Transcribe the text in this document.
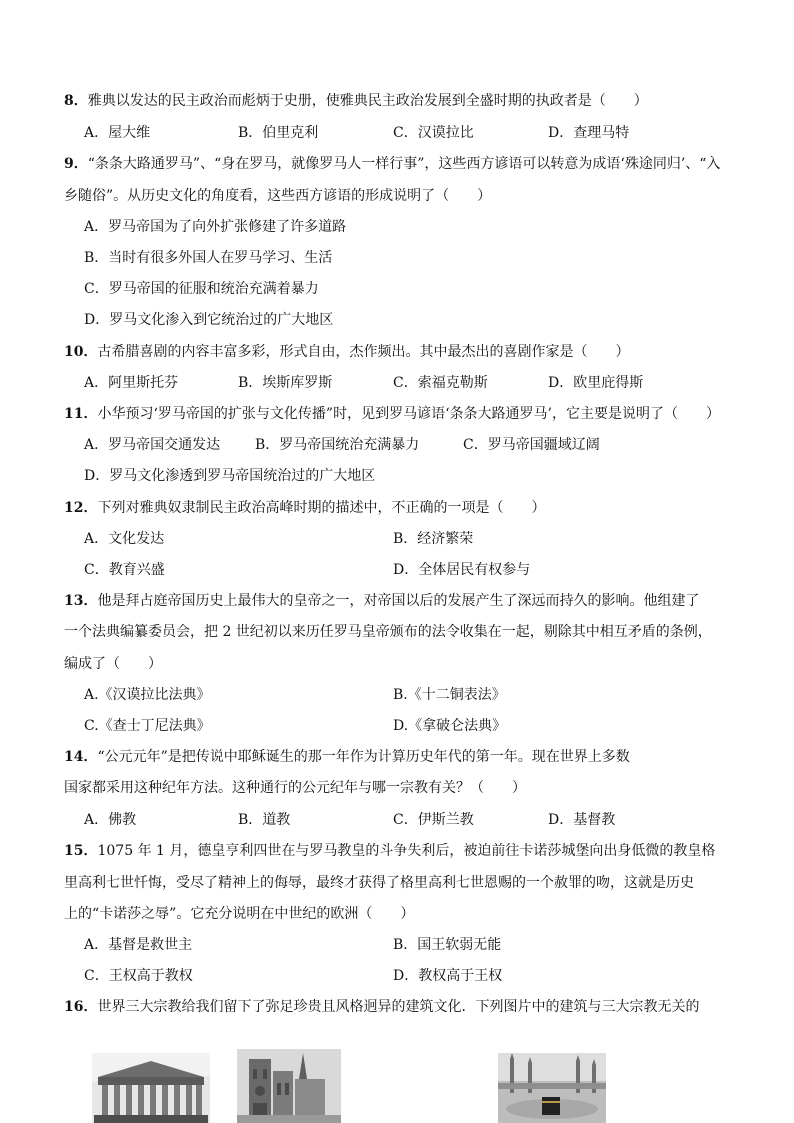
8．雅典以发达的民主政治而彪炳于史册，使雅典民主政治发展到全盛时期的执政者是（　　）
A．屋大维	B．伯里克利	C．汉谟拉比	D．查理马特
9．“条条大路通罗马”、“身在罗马，就像罗马人一样行事”，这些西方谚语可以转意为成语‘殊途同归’、“入
乡随俗”。从历史文化的角度看，这些西方谚语的形成说明了（　　）
A．罗马帝国为了向外扩张修建了许多道路
B．当时有很多外国人在罗马学习、生活
C．罗马帝国的征服和统治充满着暴力
D．罗马文化渗入到它统治过的广大地区
10．古希腊喜剧的内容丰富多彩，形式自由，杰作频出。其中最杰出的喜剧作家是（　　）
A．阿里斯托芬	B．埃斯库罗斯	C．索福克勒斯	D．欧里庇得斯
11．小华预习‘罗马帝国的扩张与文化传播”时，见到罗马谚语‘条条大路通罗马’，它主要是说明了（　　）
A．罗马帝国交通发达 B．罗马帝国统治充满暴力	C．罗马帝国疆域辽阔
D．罗马文化渗透到罗马帝国统治过的广大地区
12．下列对雅典奴隶制民主政治高峰时期的描述中，不正确的一项是（　　）
A．文化发达	B．经济繁荣
C．教育兴盛	D．全体居民有权参与
13．他是拜占庭帝国历史上最伟大的皇帝之一，对帝国以后的发展产生了深远而持久的影响。他组建了
一个法典编纂委员会，把 2 世纪初以来历任罗马皇帝颁布的法令收集在一起，剔除其中相互矛盾的条例，
编成了（　　）
A.《汉谟拉比法典》	B.《十二铜表法》
C.《查士丁尼法典》	D.《拿破仑法典》
14．“公元元年”是把传说中耶稣诞生的那一年作为计算历史年代的第一年。现在世界上多数
国家都采用这种纪年方法。这种通行的公元纪年与哪一宗教有关？（　　）
A．佛教	B．道教	C．伊斯兰教	D．基督教
15．1075 年 1 月，德皇亨利四世在与罗马教皇的斗争失利后，被迫前往卡诺莎城堡向出身低微的教皇格
里高利七世忏悔，受尽了精神上的侮辱，最终才获得了格里高利七世恩赐的一个赦罪的吻，这就是历史
上的“卡诺莎之辱”。它充分说明在中世纪的欧洲（　　）
A．基督是救世主	B．国王软弱无能
C．王权高于教权	D．教权高于王权
16．世界三大宗教给我们留下了弥足珍贵且风格迥异的建筑文化．下列图片中的建筑与三大宗教无关的
